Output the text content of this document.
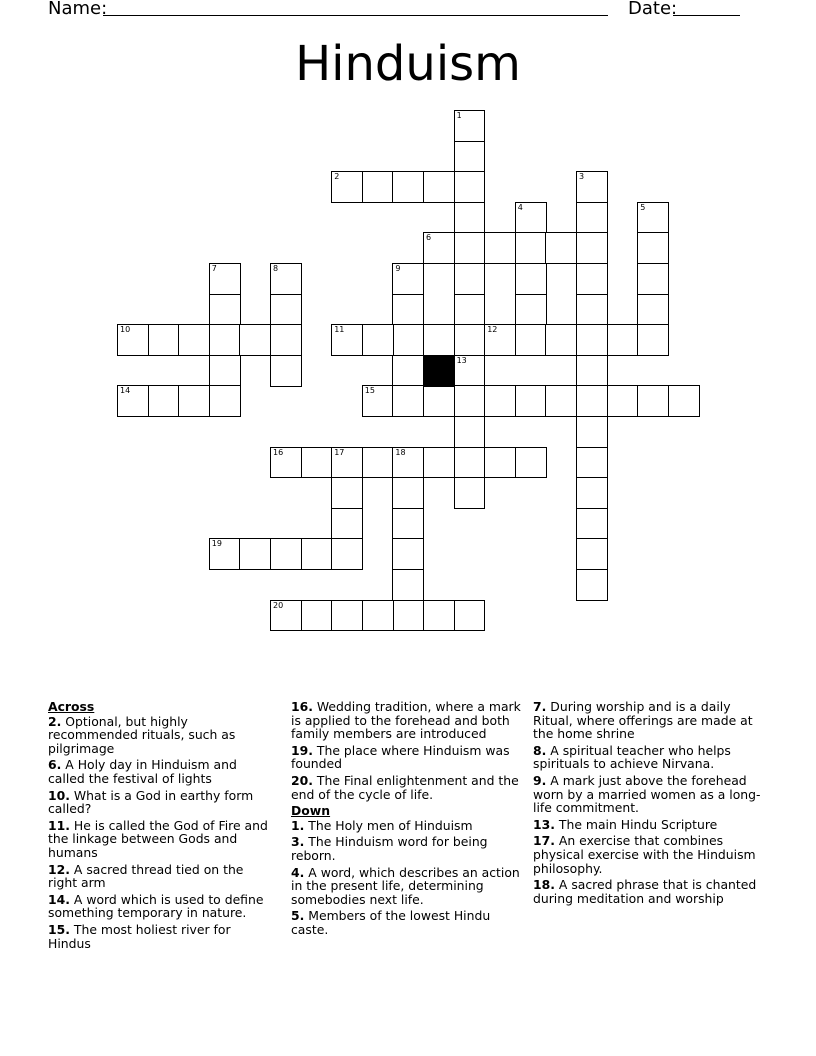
Name:	Date:
Hinduism
1
2	3
4	5
6
7	8	9
10	11	12
13
14	15
16	17	18
19
20
Across
2. Optional, but highly recommended rituals, such as pilgrimage
6. A Holy day in Hinduism and called the festival of lights
10. What is a God in earthy form called?
11. He is called the God of Fire and the linkage between Gods and humans
12. A sacred thread tied on the right arm
14. A word which is used to define something temporary in nature.
15. The most holiest river for Hindus
16. Wedding tradition, where a mark is applied to the forehead and both family members are introduced
19. The place where Hinduism was founded
20. The Final enlightenment and the end of the cycle of life.
Down
1. The Holy men of Hinduism
3. The Hinduism word for being reborn.
4. A word, which describes an action in the present life, determining somebodies next life.
5. Members of the lowest Hindu caste.
7. During worship and is a daily Ritual, where offerings are made at the home shrine
8. A spiritual teacher who helps spirituals to achieve Nirvana.
9. A mark just above the forehead worn by a married women as a long-life commitment.
13. The main Hindu Scripture
17. An exercise that combines physical exercise with the Hinduism philosophy.
18. A sacred phrase that is chanted during meditation and worship
